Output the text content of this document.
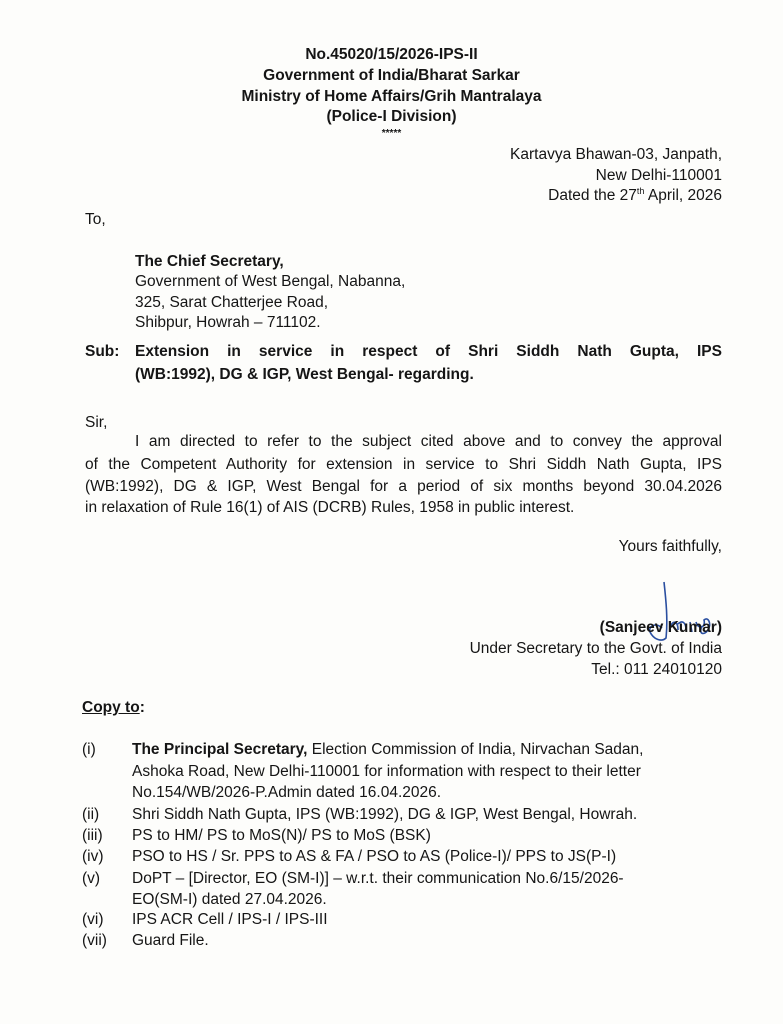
No.45020/15/2026-IPS-II
Government of India/Bharat Sarkar
Ministry of Home Affairs/Grih Mantralaya
(Police-I Division)
*****
Kartavya Bhawan-03, Janpath,
New Delhi-110001
Dated the 27th April, 2026
To,
The Chief Secretary,
Government of West Bengal, Nabanna,
325, Sarat Chatterjee Road,
Shibpur, Howrah – 711102.
Sub: Extension in service in respect of Shri Siddh Nath Gupta, IPS
(WB:1992), DG & IGP, West Bengal- regarding.
Sir,
I am directed to refer to the subject cited above and to convey the approval
of the Competent Authority for extension in service to Shri Siddh Nath Gupta, IPS
(WB:1992), DG & IGP, West Bengal for a period of six months beyond 30.04.2026
in relaxation of Rule 16(1) of AIS (DCRB) Rules, 1958 in public interest.
Yours faithfully,
(Sanjeev Kumar)
Under Secretary to the Govt. of India
Tel.: 011 24010120
Copy to:
(i) The Principal Secretary, Election Commission of India, Nirvachan Sadan,
Ashoka Road, New Delhi-110001 for information with respect to their letter
No.154/WB/2026-P.Admin dated 16.04.2026.
(ii) Shri Siddh Nath Gupta, IPS (WB:1992), DG & IGP, West Bengal, Howrah.
(iii) PS to HM/ PS to MoS(N)/ PS to MoS (BSK)
(iv) PSO to HS / Sr. PPS to AS & FA / PSO to AS (Police-I)/ PPS to JS(P-I)
(v) DoPT – [Director, EO (SM-I)] – w.r.t. their communication No.6/15/2026-
EO(SM-I) dated 27.04.2026.
(vi) IPS ACR Cell / IPS-I / IPS-III
(vii) Guard File.
